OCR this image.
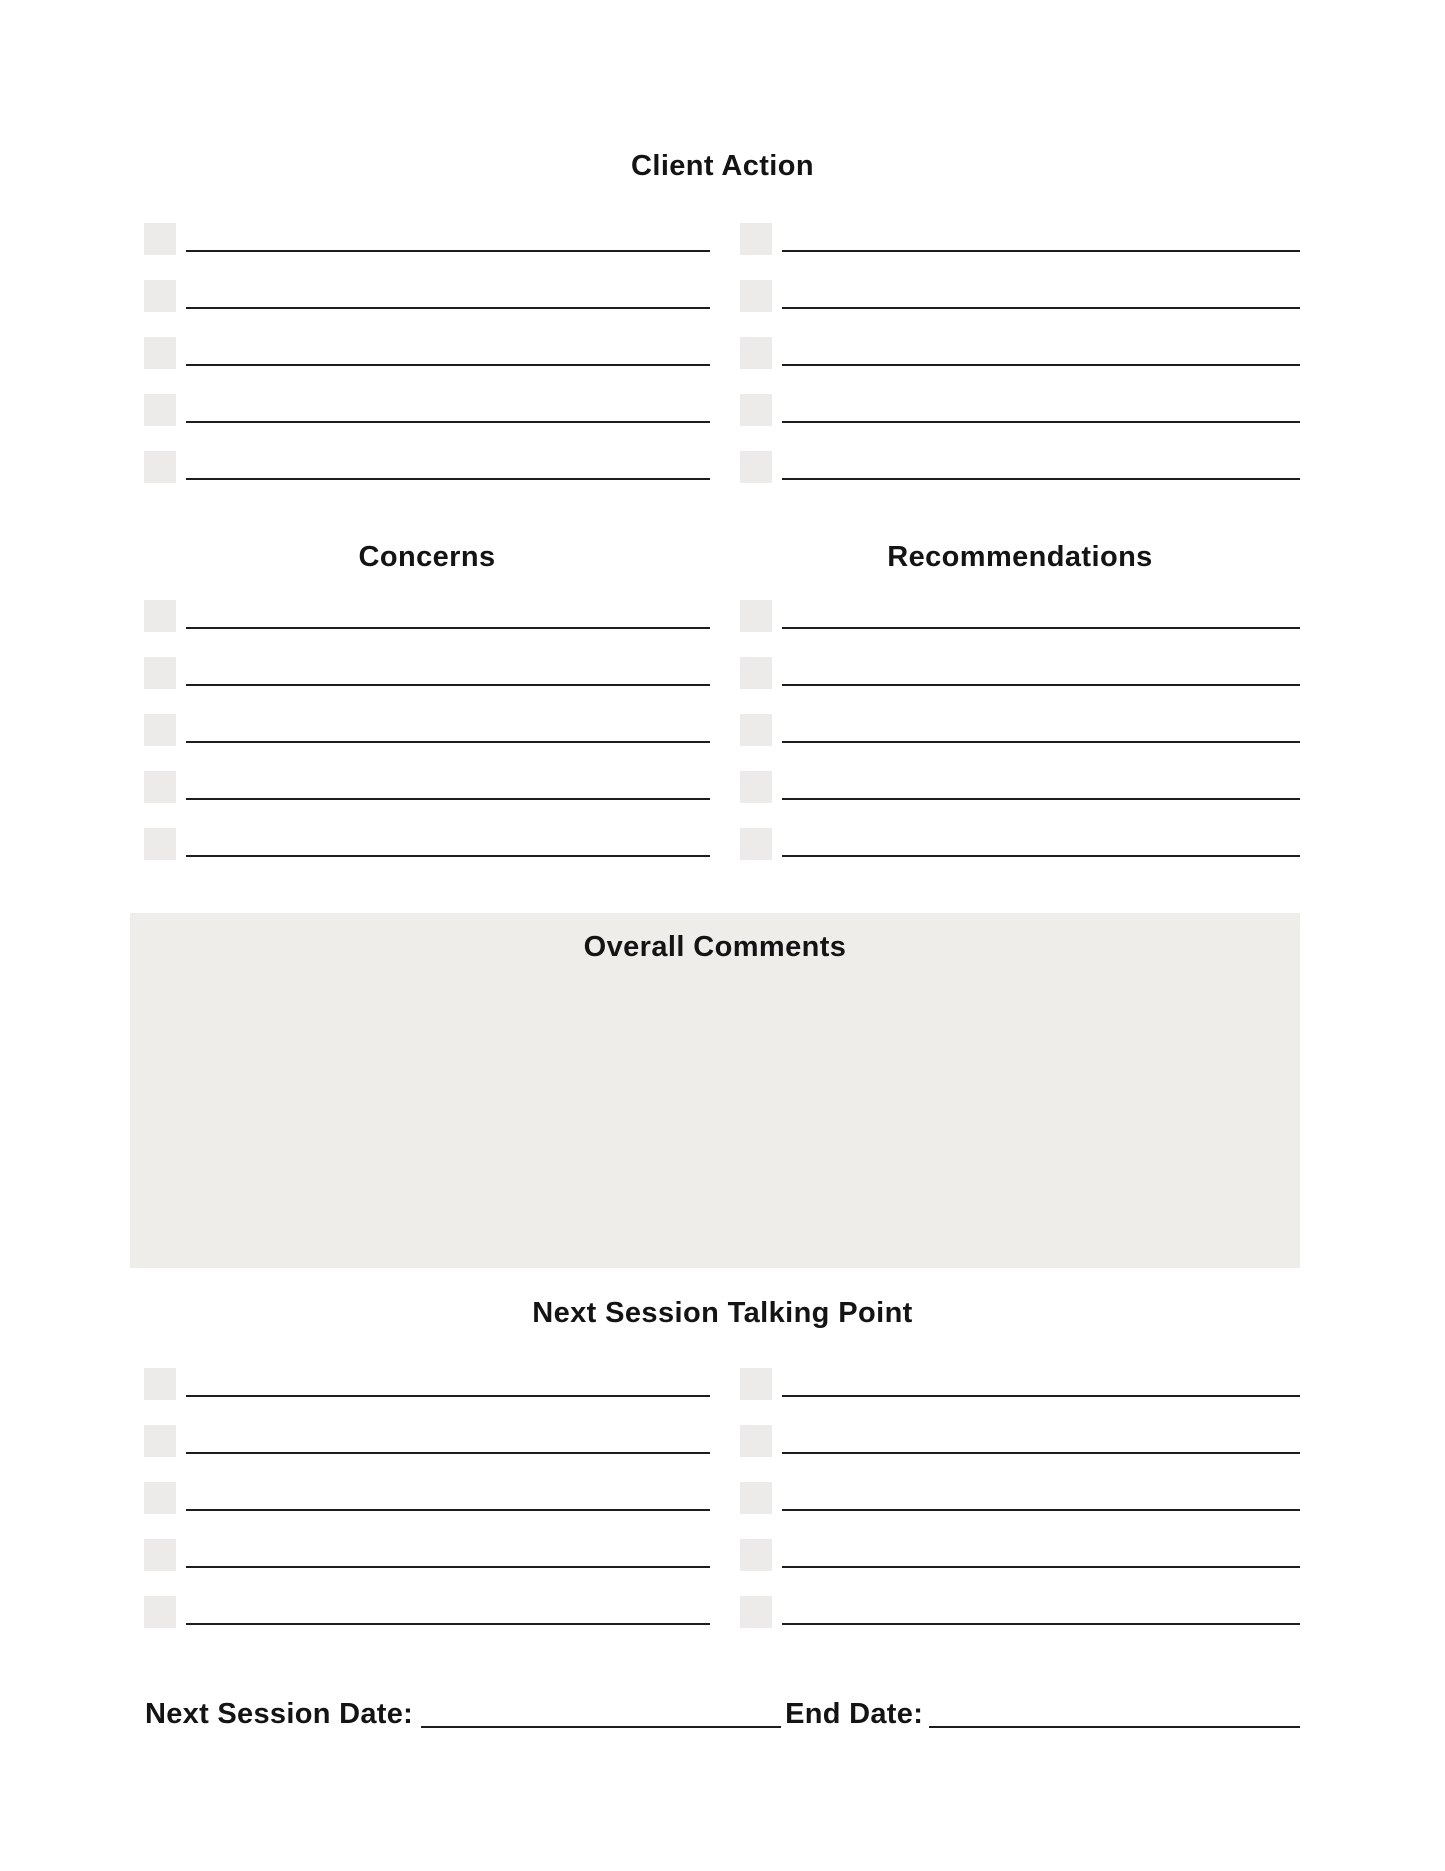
Client Action
Concerns	Recommendations
Overall Comments
Next Session Talking Point
Next Session Date:	End Date:
